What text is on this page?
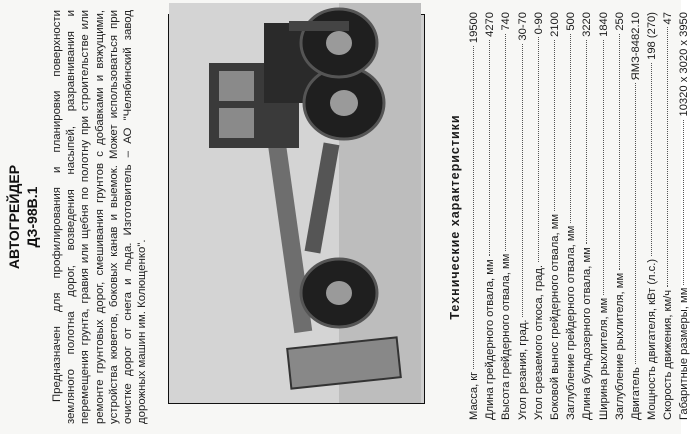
Предназначен для профилирования и планировки поверхности земляного полотна дорог, возведения насыпей, разравнивания и перемещения грунта, гравия или щебня по полотну при строительстве или ремонте грунтовых дорог, смешивания грунтов с добавками и вяжущими, устройства кюветов, боковых канав и выемок. Может использоваться при очистке дорог от снега и льда. Изготовитель – АО "Челябинский завод дорожных машин им. Колющенко".
АВТОГРЕЙДЕР ДЗ-98В.1	Технические характеристики
Масса, кг
19500
Длина грейдерного отвала, мм
4270
Высота грейдерного отвала, мм
740
Угол резания, град.
30-70
Угол срезаемого откоса, град.
0-90
Боковой вынос грейдерного отвала, мм
2100
Заглубление грейдерного отвала, мм
500
Длина бульдозерного отвала, мм
3220
Ширина рыхлителя, мм
1840
Заглубление рыхлителя, мм
250
Двигатель
ЯМЗ-8482.10
Мощность двигателя, кВт (л.с.)
198 (270)
Скорость движения, км/ч
47
Габаритные размеры, мм
10320 х 3020 х 3950
